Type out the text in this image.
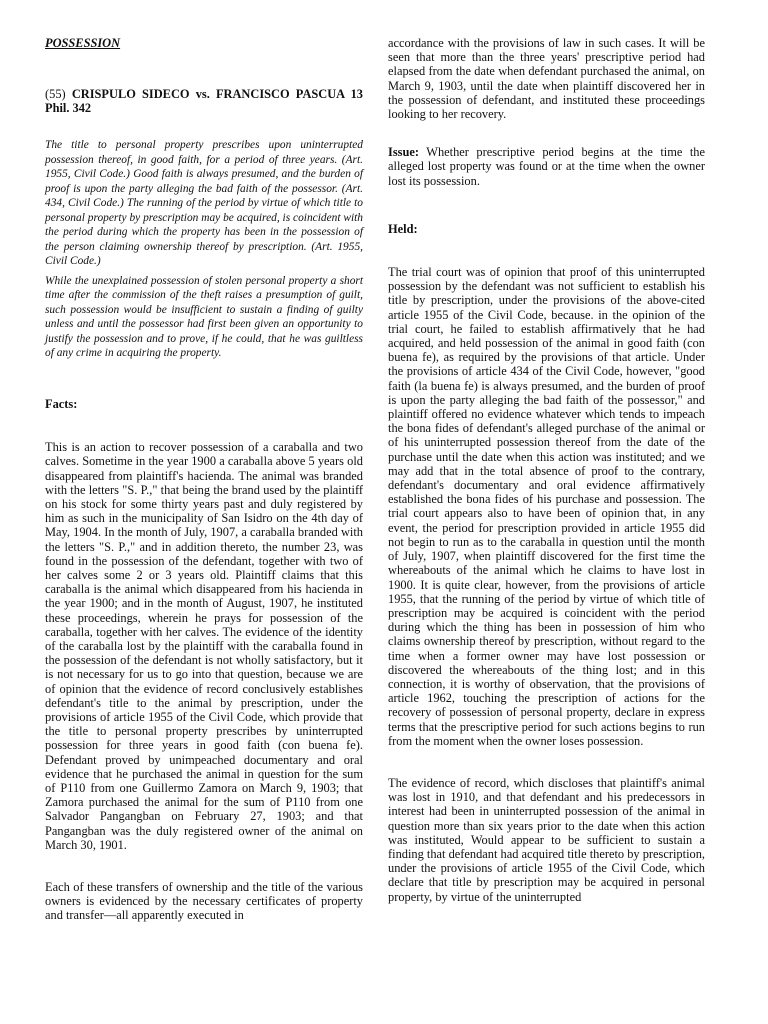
POSSESSION

(55) CRISPULO SIDECO vs. FRANCISCO PASCUA 13 Phil. 342

The title to personal property prescribes upon uninterrupted possession thereof, in good faith, for a period of three years. (Art. 1955, Civil Code.) Good faith is always presumed, and the burden of proof is upon the party alleging the bad faith of the possessor. (Art. 434, Civil Code.) The running of the period by virtue of which title to personal property by prescription may be acquired, is coincident with the period during which the property has been in the possession of the person claiming ownership thereof by prescription. (Art. 1955, Civil Code.)

While the unexplained possession of stolen personal property a short time after the commission of the theft raises a presumption of guilt, such possession would be insufficient to sustain a finding of guilty unless and until the possessor had first been given an opportunity to justify the possession and to prove, if he could, that he was guiltless of any crime in acquiring the property.

Facts:

This is an action to recover possession of a caraballa and two calves. Sometime in the year 1900 a caraballa above 5 years old disappeared from plaintiff's hacienda. The animal was branded with the letters "S. P.," that being the brand used by the plaintiff on his stock for some thirty years past and duly registered by him as such in the municipality of San Isidro on the 4th day of May, 1904. In the month of July, 1907, a caraballa branded with the letters "S. P.," and in addition thereto, the number 23, was found in the possession of the defendant, together with two of her calves some 2 or 3 years old. Plaintiff claims that this caraballa is the animal which disappeared from his hacienda in the year 1900; and in the month of August, 1907, he instituted these proceedings, wherein he prays for possession of the caraballa, together with her calves. The evidence of the identity of the caraballa lost by the plaintiff with the caraballa found in the possession of the defendant is not wholly satisfactory, but it is not necessary for us to go into that question, because we are of opinion that the evidence of record conclusively establishes defendant's title to the animal by prescription, under the provisions of article 1955 of the Civil Code, which provide that the title to personal property prescribes by uninterrupted possession for three years in good faith (con buena fe). Defendant proved by unimpeached documentary and oral evidence that he purchased the animal in question for the sum of P110 from one Guillermo Zamora on March 9, 1903; that Zamora purchased the animal for the sum of P110 from one Salvador Pangangban on February 27, 1903; and that Pangangban was the duly registered owner of the animal on March 30, 1901.

Each of these transfers of ownership and the title of the various owners is evidenced by the necessary certificates of property and transfer—all apparently executed in

accordance with the provisions of law in such cases. It will be seen that more than the three years' prescriptive period had elapsed from the date when defendant purchased the animal, on March 9, 1903, until the date when plaintiff discovered her in the possession of defendant, and instituted these proceedings looking to her recovery.

Issue: Whether prescriptive period begins at the time the alleged lost property was found or at the time when the owner lost its possession.

Held:

The trial court was of opinion that proof of this uninterrupted possession by the defendant was not sufficient to establish his title by prescription, under the provisions of the above-cited article 1955 of the Civil Code, because. in the opinion of the trial court, he failed to establish affirmatively that he had acquired, and held possession of the animal in good faith (con buena fe), as required by the provisions of that article. Under the provisions of article 434 of the Civil Code, however, "good faith (la buena fe) is always presumed, and the burden of proof is upon the party alleging the bad faith of the possessor," and plaintiff offered no evidence whatever which tends to impeach the bona fides of defendant's alleged purchase of the animal or of his uninterrupted possession thereof from the date of the purchase until the date when this action was instituted; and we may add that in the total absence of proof to the contrary, defendant's documentary and oral evidence affirmatively established the bona fides of his purchase and possession. The trial court appears also to have been of opinion that, in any event, the period for prescription provided in article 1955 did not begin to run as to the caraballa in question until the month of July, 1907, when plaintiff discovered for the first time the whereabouts of the animal which he claims to have lost in 1900. It is quite clear, however, from the provisions of article 1955, that the running of the period by virtue of which title of prescription may be acquired is coincident with the period during which the thing has been in possession of him who claims ownership thereof by prescription, without regard to the time when a former owner may have lost possession or discovered the whereabouts of the thing lost; and in this connection, it is worthy of observation, that the provisions of article 1962, touching the prescription of actions for the recovery of possession of personal property, declare in express terms that the prescriptive period for such actions begins to run from the moment when the owner loses possession.

The evidence of record, which discloses that plaintiff's animal was lost in 1910, and that defendant and his predecessors in interest had been in uninterrupted possession of the animal in question more than six years prior to the date when this action was instituted, Would appear to be sufficient to sustain a finding that defendant had acquired title thereto by prescription, under the provisions of article 1955 of the Civil Code, which declare that title by prescription may be acquired in personal property, by virtue of the uninterrupted
